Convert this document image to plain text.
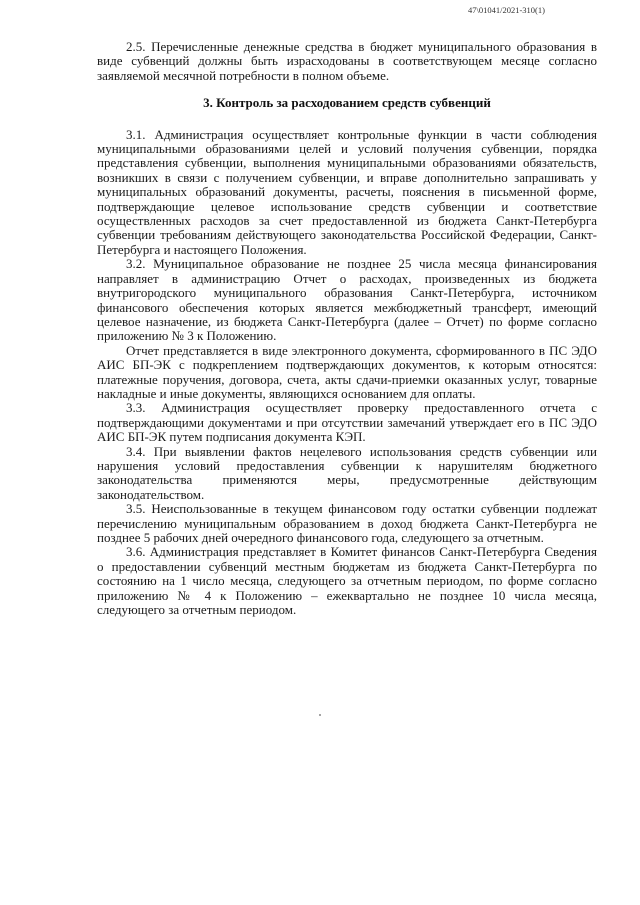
47\01041/2021-310(1)

2.5. Перечисленные денежные средства в бюджет муниципального образования в виде субвенций должны быть израсходованы в соответствующем месяце согласно заявляемой месячной потребности в полном объеме.

3. Контроль за расходованием средств субвенций

3.1. Администрация осуществляет контрольные функции в части соблюдения муниципальными образованиями целей и условий получения субвенции, порядка представления субвенции, выполнения муниципальными образованиями обязательств, возникших в связи с получением субвенции, и вправе дополнительно запрашивать у муниципальных образований документы, расчеты, пояснения в письменной форме, подтверждающие целевое использование средств субвенции и соответствие осуществленных расходов за счет предоставленной из бюджета Санкт-Петербурга субвенции требованиям действующего законодательства Российской Федерации, Санкт-Петербурга и настоящего Положения.

3.2. Муниципальное образование не позднее 25 числа месяца финансирования направляет в администрацию Отчет о расходах, произведенных из бюджета внутригородского муниципального образования Санкт-Петербурга, источником финансового обеспечения которых является межбюджетный трансферт, имеющий целевое назначение, из бюджета Санкт-Петербурга (далее – Отчет) по форме согласно приложению № 3 к Положению.

Отчет представляется в виде электронного документа, сформированного в ПС ЭДО АИС БП-ЭК с подкреплением подтверждающих документов, к которым относятся: платежные поручения, договора, счета, акты сдачи-приемки оказанных услуг, товарные накладные и иные документы, являющихся основанием для оплаты.

3.3. Администрация осуществляет проверку предоставленного отчета с подтверждающими документами и при отсутствии замечаний утверждает его в ПС ЭДО АИС БП-ЭК путем подписания документа КЭП.

3.4. При выявлении фактов нецелевого использования средств субвенции или нарушения условий предоставления субвенции к нарушителям бюджетного законодательства применяются меры, предусмотренные действующим законодательством.

3.5. Неиспользованные в текущем финансовом году остатки субвенции подлежат перечислению муниципальным образованием в доход бюджета Санкт-Петербурга не позднее 5 рабочих дней очередного финансового года, следующего за отчетным.

3.6. Администрация представляет в Комитет финансов Санкт-Петербурга Сведения о предоставлении субвенций местным бюджетам из бюджета Санкт-Петербурга по состоянию на 1 число месяца, следующего за отчетным периодом, по форме согласно приложению № 4 к Положению – ежеквартально не позднее 10 числа месяца, следующего за отчетным периодом.
